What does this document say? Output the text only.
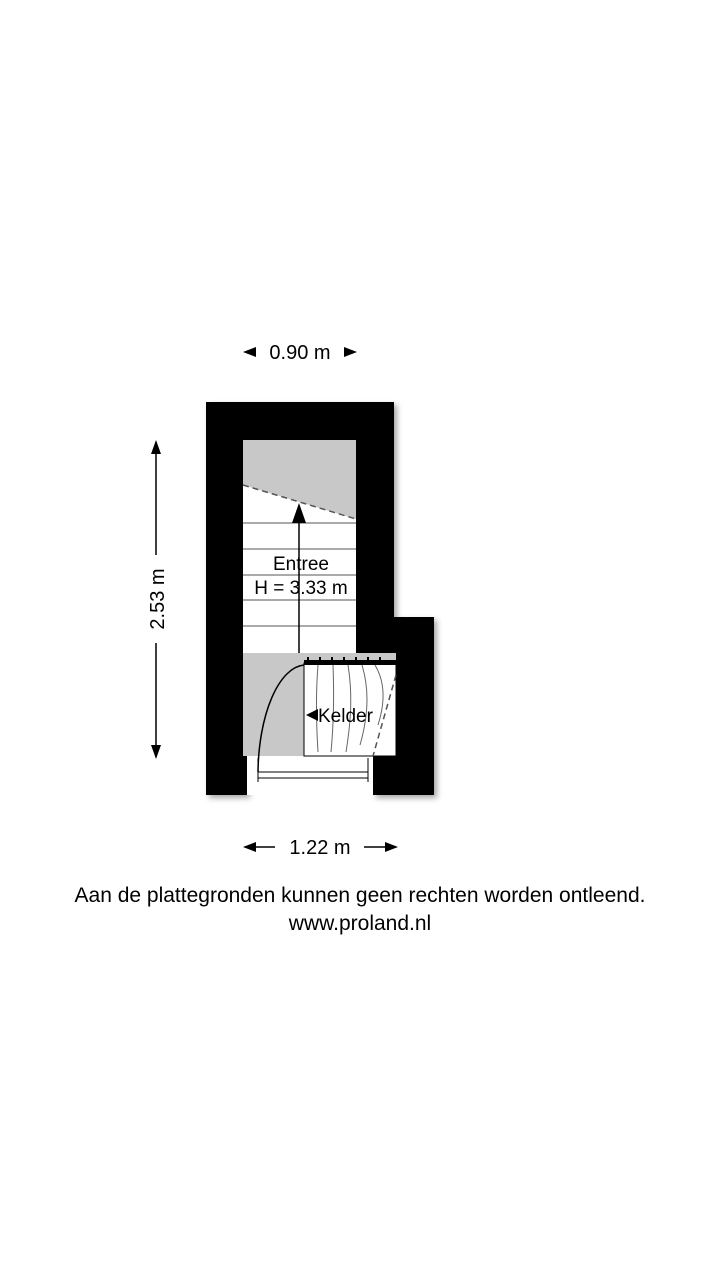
0.90 m
2.53 m
1.22 m
Entree
H = 3.33 m
Kelder
Aan de plattegronden kunnen geen rechten worden ontleend.
www.proland.nl
